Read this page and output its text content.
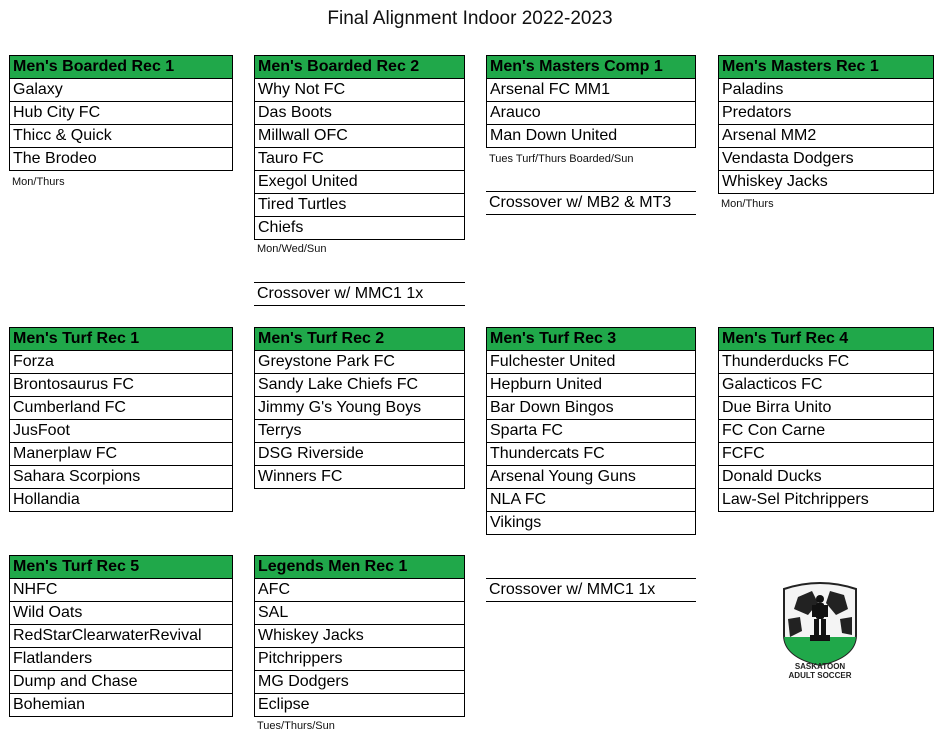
Final Alignment Indoor 2022-2023
Men's Boarded Rec 1
Galaxy
Hub City FC
Thicc & Quick
The Brodeo
Mon/Thurs
Men's Boarded Rec 2
Why Not FC
Das Boots
Millwall OFC
Tauro FC
Exegol United
Tired Turtles
Chiefs
Mon/Wed/Sun
Crossover w/ MMC1 1x
Men's Masters Comp 1
Arsenal FC MM1
Arauco
Man Down United
Tues Turf/Thurs Boarded/Sun
Crossover w/ MB2 & MT3
Men's Masters Rec 1
Paladins
Predators
Arsenal MM2
Vendasta Dodgers
Whiskey Jacks
Mon/Thurs
Men's Turf Rec 1
Forza
Brontosaurus FC
Cumberland FC
JusFoot
Manerplaw FC
Sahara Scorpions
Hollandia
Men's Turf Rec 2
Greystone Park FC
Sandy Lake Chiefs FC
Jimmy G's Young Boys
Terrys
DSG Riverside
Winners FC
Men's Turf Rec 3
Fulchester United
Hepburn United
Bar Down Bingos
Sparta FC
Thundercats FC
Arsenal Young Guns
NLA FC
Vikings
Crossover w/ MMC1 1x
Men's Turf Rec 4
Thunderducks FC
Galacticos FC
Due Birra Unito
FC Con Carne
FCFC
Donald Ducks
Law-Sel Pitchrippers
Men's Turf Rec 5
NHFC
Wild Oats
RedStarClearwaterRevival
Flatlanders
Dump and Chase
Bohemian
Legends Men Rec 1
AFC
SAL
Whiskey Jacks
Pitchrippers
MG Dodgers
Eclipse
Tues/Thurs/Sun
SASKATOON
ADULT SOCCER
